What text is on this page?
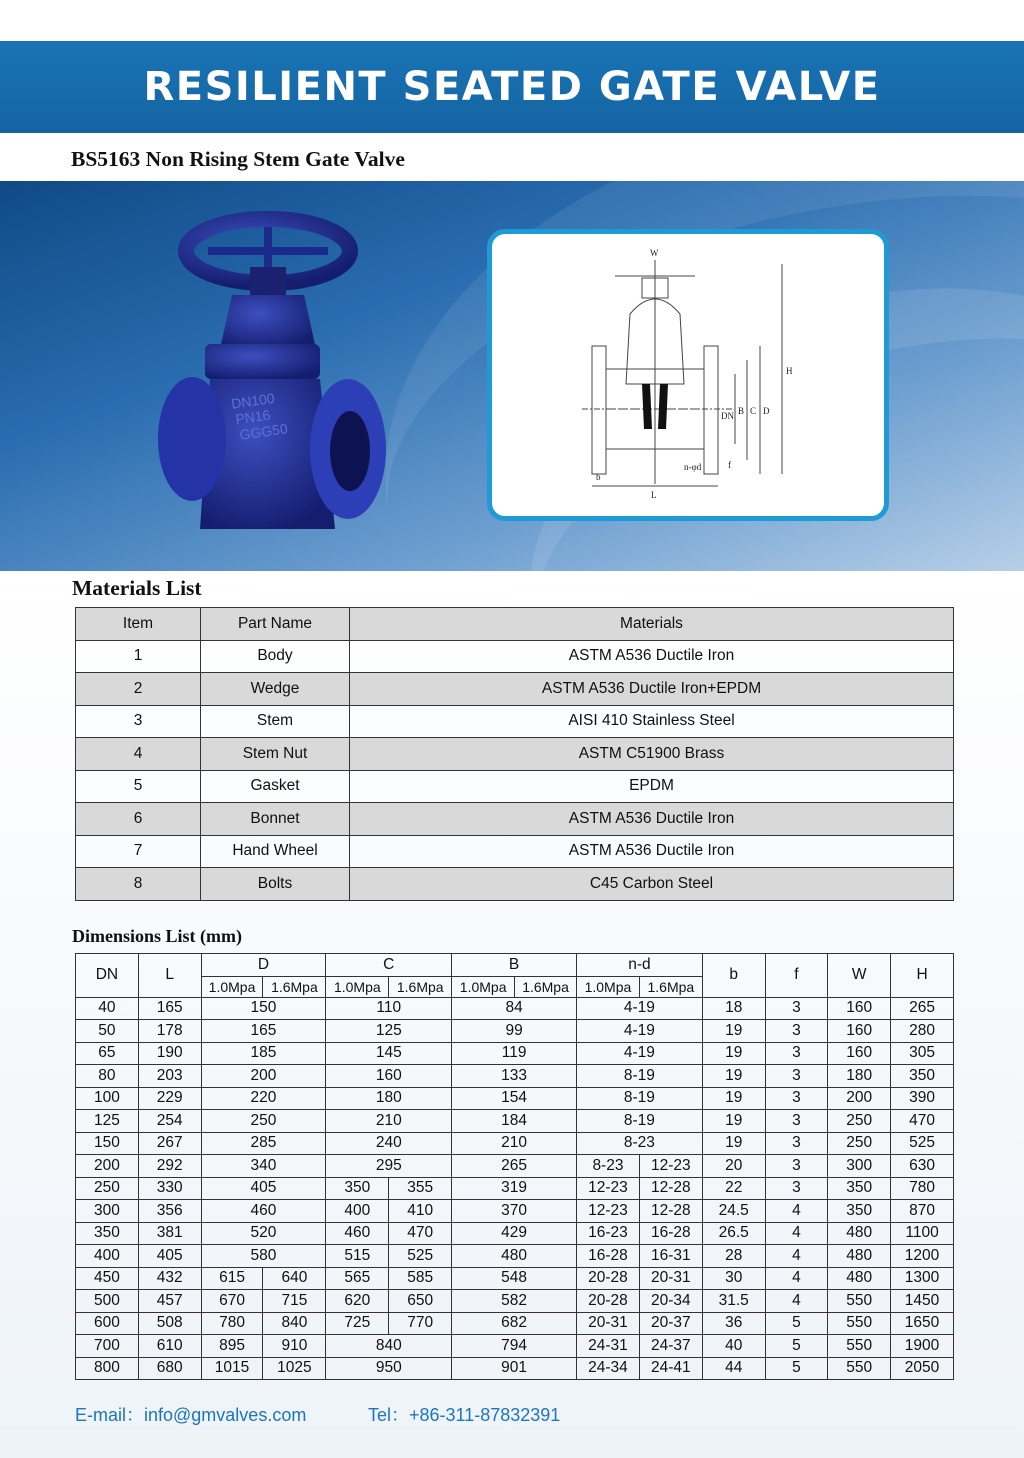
RESILIENT SEATED GATE VALVE
BS5163 Non Rising Stem Gate Valve
DN100 PN16 GGG50
W
H
DN B C D
n-φd	f
L
b
Materials List
Item	Part Name	Materials
1	Body	ASTM A536 Ductile Iron
2	Wedge	ASTM A536 Ductile Iron+EPDM
3	Stem	AISI 410 Stainless Steel
4	Stem Nut	ASTM C51900 Brass
5	Gasket	EPDM
6	Bonnet	ASTM A536 Ductile Iron
7	Hand Wheel	ASTM A536 Ductile Iron
8	Bolts	C45 Carbon Steel
Dimensions List (mm)
DN	L	D		C		B		n-d		b	f	W	H
		1.0Mpa	1.6Mpa	1.0Mpa	1.6Mpa	1.0Mpa	1.6Mpa	1.0Mpa	1.6Mpa				
40	165	150		110		84		4-19		18	3	160	265
50	178	165		125		99		4-19		19	3	160	280
65	190	185		145		119		4-19		19	3	160	305
80	203	200		160		133		8-19		19	3	180	350
100	229	220		180		154		8-19		19	3	200	390
125	254	250		210		184		8-19		19	3	250	470
150	267	285		240		210		8-23		19	3	250	525
200	292	340		295		265		8-23	12-23	20	3	300	630
250	330	405		350	355	319		12-23	12-28	22	3	350	780
300	356	460		400	410	370		12-23	12-28	24.5	4	350	870
350	381	520		460	470	429		16-23	16-28	26.5	4	480	1100
400	405	580		515	525	480		16-28	16-31	28	4	480	1200
450	432	615	640	565	585	548		20-28	20-31	30	4	480	1300
500	457	670	715	620	650	582		20-28	20-34	31.5	4	550	1450
600	508	780	840	725	770	682		20-31	20-37	36	5	550	1650
700	610	895	910	840		794		24-31	24-37	40	5	550	1900
800	680	1015	1025	950		901		24-34	24-41	44	5	550	2050
E-mail：info@gmvalves.com	Tel：+86-311-87832391
